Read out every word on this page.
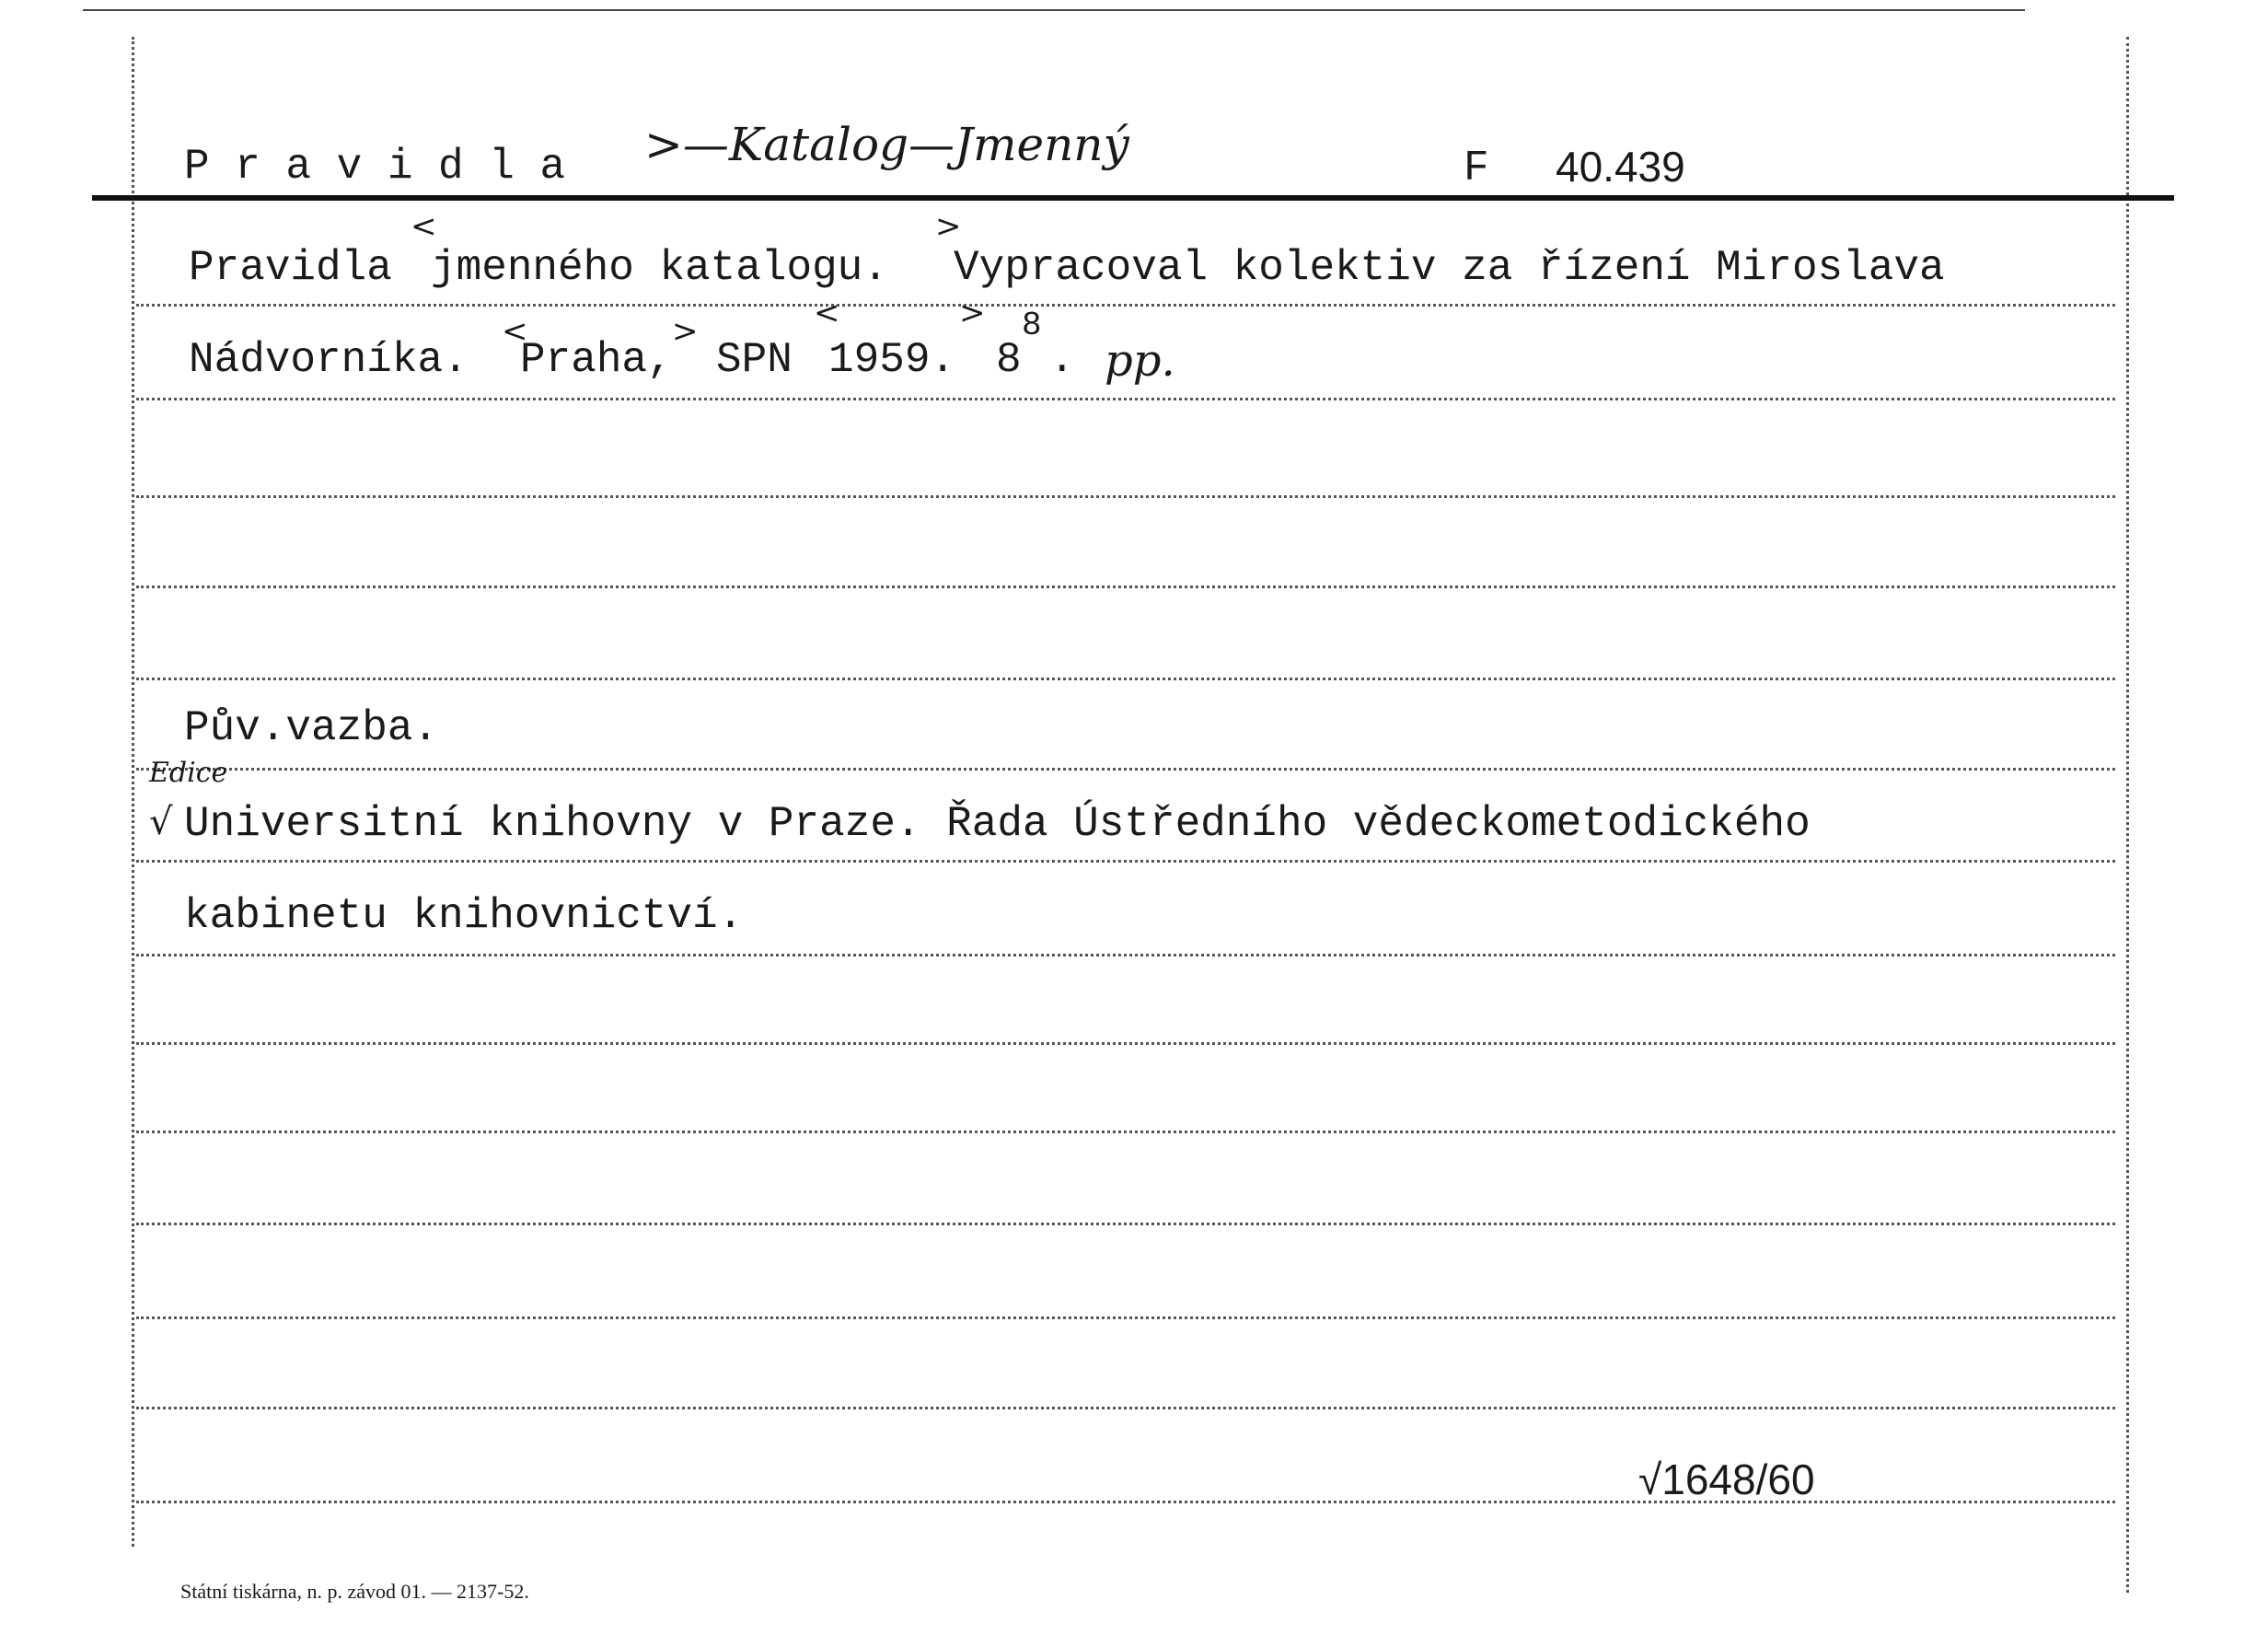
P r a v i d l a >—Katalog—Jmenný	F 40.439
Pravidla
<
jmenného katalogu.
>
Vypracoval kolektiv za řízení Miroslava
Nádvorníka.
<
Praha,
>
SPN
<
1959.
>
8
8
. pp.
Pův.vazba.
Edice
√ Universitní knihovny v Praze. Řada Ústředního vědeckometodického
kabinetu knihovnictví.
√1648/60
Státní tiskárna, n. p. závod 01. — 2137-52.
